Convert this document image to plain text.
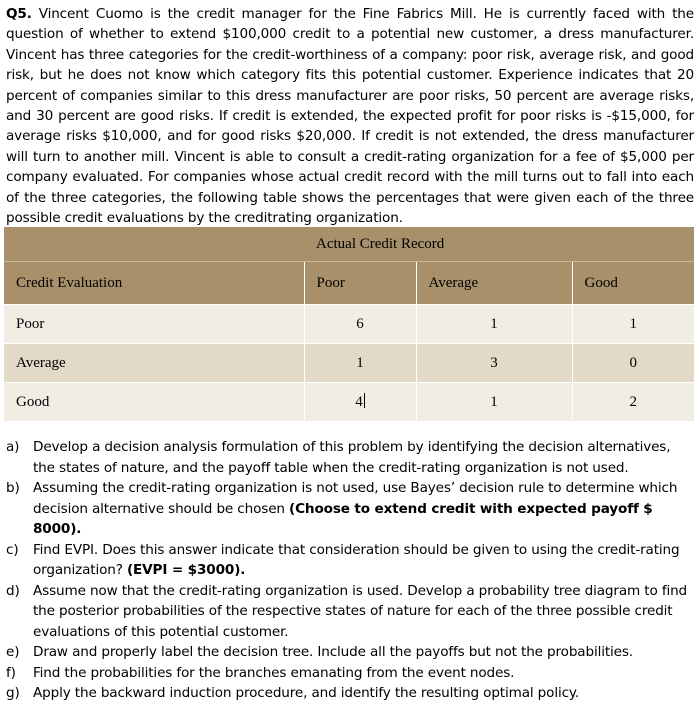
Q5. Vincent Cuomo is the credit manager for the Fine Fabrics Mill. He is currently faced with the question of whether to extend $100,000 credit to a potential new customer, a dress manufacturer. Vincent has three categories for the credit-worthiness of a company: poor risk, average risk, and good risk, but he does not know which category fits this potential customer. Experience indicates that 20 percent of companies similar to this dress manufacturer are poor risks, 50 percent are average risks, and 30 percent are good risks. If credit is extended, the expected profit for poor risks is -$15,000, for average risks $10,000, and for good risks $20,000. If credit is not extended, the dress manufacturer will turn to another mill. Vincent is able to consult a credit-rating organization for a fee of $5,000 per company evaluated. For companies whose actual credit record with the mill turns out to fall into each of the three categories, the following table shows the percentages that were given each of the three possible credit evaluations by the creditrating organization.
	Actual Credit Record		
Credit Evaluation	Poor	Average	Good
Poor	6	1	1
Average	1	3	0
Good	4	1	2
a) Develop a decision analysis formulation of this problem by identifying the decision alternatives, the states of nature, and the payoff table when the credit-rating organization is not used.
b) Assuming the credit-rating organization is not used, use Bayes’ decision rule to determine which decision alternative should be chosen (Choose to extend credit with expected payoff $ 8000).
c) Find EVPI. Does this answer indicate that consideration should be given to using the credit-rating organization? (EVPI = $3000).
d) Assume now that the credit-rating organization is used. Develop a probability tree diagram to find the posterior probabilities of the respective states of nature for each of the three possible credit evaluations of this potential customer.
e) Draw and properly label the decision tree. Include all the payoffs but not the probabilities.
f) Find the probabilities for the branches emanating from the event nodes.
g) Apply the backward induction procedure, and identify the resulting optimal policy.
